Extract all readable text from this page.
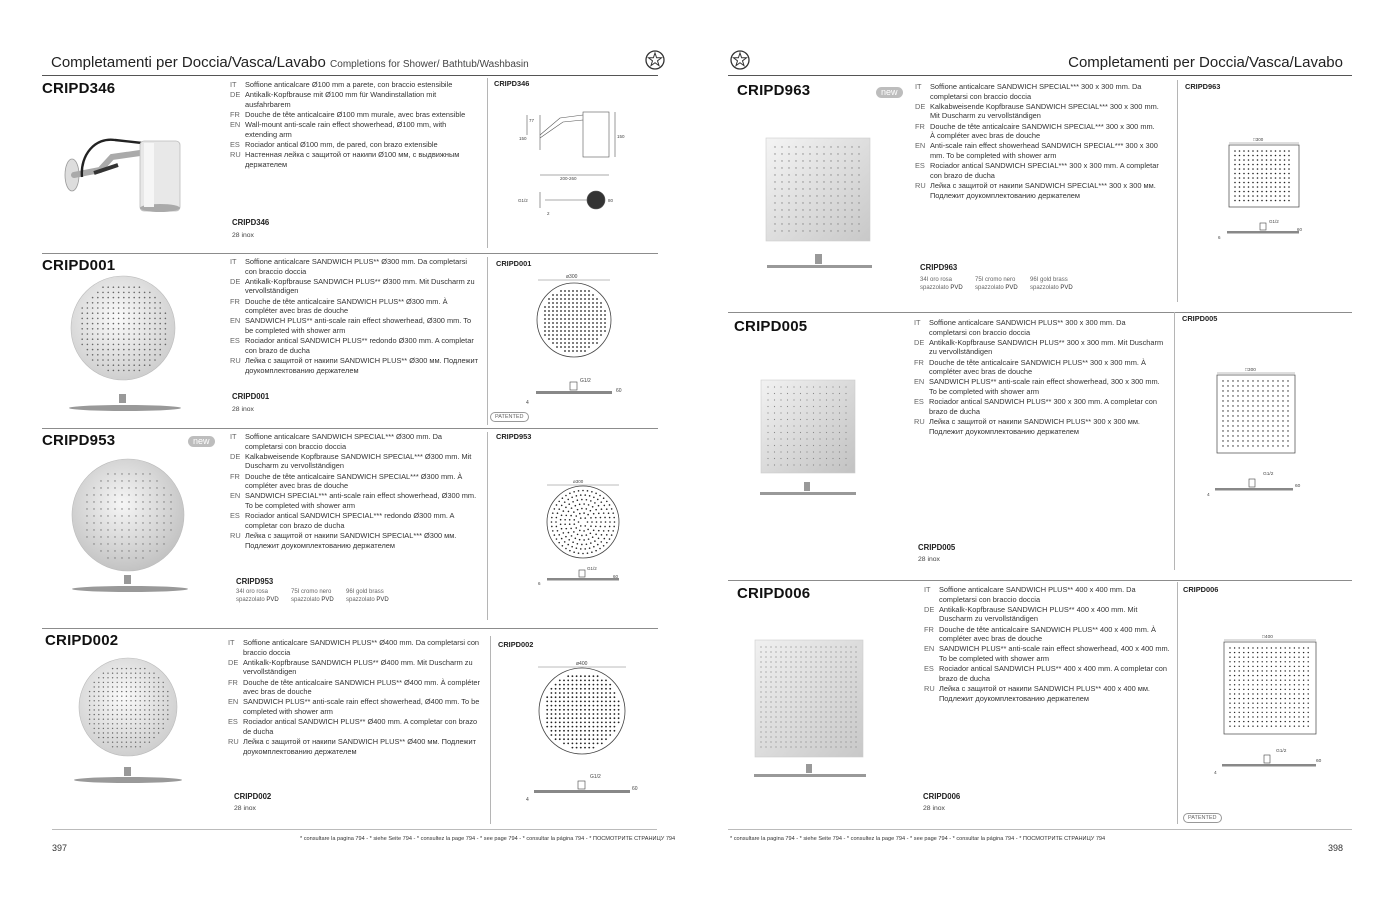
Completamenti per Doccia/Vasca/Lavabo Completions for Shower/ Bathtub/Washbasin
CRIPD346	IT	Soffione anticalcare Ø100 mm a parete, con braccio estensibile
DE Antikalk-Kopfbrause mit Ø100 mm für Wandinstallation mit ausfahrbarem
FR Douche de tête anticalcaire Ø100 mm murale, avec bras extensible
EN Wall-mount anti-scale rain effect showerhead, Ø100 mm, with extending arm
ES Rociador antical Ø100 mm, de pared, con brazo extensible
RU Настенная лейка с защитой от накипи Ø100 мм, с выдвижным держателем
CRIPD346
28 inox
CRIPD346
77
150	150
200-260
G1/2	80
2
CRIPD001	IT	Soffione anticalcare SANDWICH PLUS** Ø300 mm. Da completarsi con braccio doccia
DE Antikalk-Kopfbrause SANDWICH PLUS** Ø300 mm. Mit Duscharm zu vervollständigen
FR Douche de tête anticalcaire SANDWICH PLUS** Ø300 mm. À compléter avec bras de douche
EN SANDWICH PLUS** anti-scale rain effect showerhead, Ø300 mm. To be completed with shower arm
ES Rociador antical SANDWICH PLUS** redondo Ø300 mm. A completar con brazo de ducha
RU Лейка с защитой от накипи SANDWICH PLUS** Ø300 мм. Подлежит доукомплектованию держателем
CRIPD001
28 inox
CRIPD001
ø300
G1/2
60
4
PATENTED
CRIPD953	new	IT	Soffione anticalcare SANDWICH SPECIAL*** Ø300 mm. Da completarsi con braccio doccia
DE Kalkabweisende Kopfbrause SANDWICH SPECIAL*** Ø300 mm. Mit Duscharm zu vervollständigen
FR Douche de tête anticalcaire SANDWICH SPECIAL*** Ø300 mm. À compléter avec bras de douche
EN SANDWICH SPECIAL*** anti-scale rain effect showerhead, Ø300 mm. To be completed with shower arm
ES Rociador antical SANDWICH SPECIAL*** redondo Ø300 mm. A completar con brazo de ducha
RU Лейка с защитой от накипи SANDWICH SPECIAL*** Ø300 мм. Подлежит доукомплектованию держателем
CRIPD953
34I oro rosa
spazzolato PVD
75I cromo nero
spazzolato PVD
96I gold brass
spazzolato PVD
CRIPD953
ø300
G1/2
60
6
CRIPD002	IT	Soffione anticalcare SANDWICH PLUS** Ø400 mm. Da completarsi con braccio doccia
DE Antikalk-Kopfbrause SANDWICH PLUS** Ø400 mm. Mit Duscharm zu vervollständigen
FR Douche de tête anticalcaire SANDWICH PLUS** Ø400 mm. À compléter avec bras de douche
EN SANDWICH PLUS** anti-scale rain effect showerhead, Ø400 mm. To be completed with shower arm
ES Rociador antical SANDWICH PLUS** Ø400 mm. A completar con brazo de ducha
RU Лейка с защитой от накипи SANDWICH PLUS** Ø400 мм. Подлежит доукомплектованию держателем
CRIPD002
28 inox
CRIPD002
ø400
G1/2
60
4
* consultare la pagina 794 - * siehe Seite 794 - * consultez la page 794 - * see page 794 - * consultar la página 794 - * ПОСМОТРИТЕ СТРАНИЦУ 794
397
Completamenti per Doccia/Vasca/Lavabo
CRIPD963	new
IT	Soffione anticalcare SANDWICH SPECIAL*** 300 x 300 mm. Da completarsi con braccio doccia
DE Kalkabweisende Kopfbrause SANDWICH SPECIAL*** 300 x 300 mm. Mit Duscharm zu vervollständigen
FR Douche de tête anticalcaire SANDWICH SPECIAL*** 300 x 300 mm. À compléter avec bras de douche
EN Anti-scale rain effect showerhead SANDWICH SPECIAL*** 300 x 300 mm. To be completed with shower arm
ES Rociador antical SANDWICH SPECIAL*** 300 x 300 mm. A completar con brazo de ducha
RU Лейка с защитой от накипи SANDWICH SPECIAL*** 300 x 300 мм. Подлежит доукомплектованию держателем
CRIPD963
34I oro rosa
spazzolato PVD
75I cromo nero
spazzolato PVD
96I gold brass
spazzolato PVD
CRIPD963
□300
G1/2
60
6
CRIPD005	IT	Soffione anticalcare SANDWICH PLUS** 300 x 300 mm. Da completarsi con braccio doccia
DE Antikalk-Kopfbrause SANDWICH PLUS** 300 x 300 mm. Mit Duscharm zu vervollständigen
FR Douche de tête anticalcaire SANDWICH PLUS** 300 x 300 mm. À compléter avec bras de douche
EN SANDWICH PLUS** anti-scale rain effect showerhead, 300 x 300 mm. To be completed with shower arm
ES Rociador antical SANDWICH PLUS** 300 x 300 mm. A completar con brazo de ducha
RU Лейка с защитой от накипи SANDWICH PLUS** 300 x 300 мм. Подлежит доукомплектованию держателем
CRIPD005
28 inox
CRIPD005
□300
G1/2
60
4
CRIPD006	IT	Soffione anticalcare SANDWICH PLUS** 400 x 400 mm. Da completarsi con braccio doccia
DE Antikalk-Kopfbrause SANDWICH PLUS** 400 x 400 mm. Mit Duscharm zu vervollständigen
FR Douche de tête anticalcaire SANDWICH PLUS** 400 x 400 mm. À compléter avec bras de douche
EN SANDWICH PLUS** anti-scale rain effect showerhead, 400 x 400 mm. To be completed with shower arm
ES Rociador antical SANDWICH PLUS** 400 x 400 mm. A completar con brazo de ducha
RU Лейка с защитой от накипи SANDWICH PLUS** 400 x 400 мм. Подлежит доукомплектованию держателем
CRIPD006
28 inox
CRIPD006
□400
G1/2
60
4
PATENTED
* consultare la pagina 794 - * siehe Seite 794 - * consultez la page 794 - * see page 794 - * consultar la página 794 - * ПОСМОТРИТЕ СТРАНИЦУ 794
398
